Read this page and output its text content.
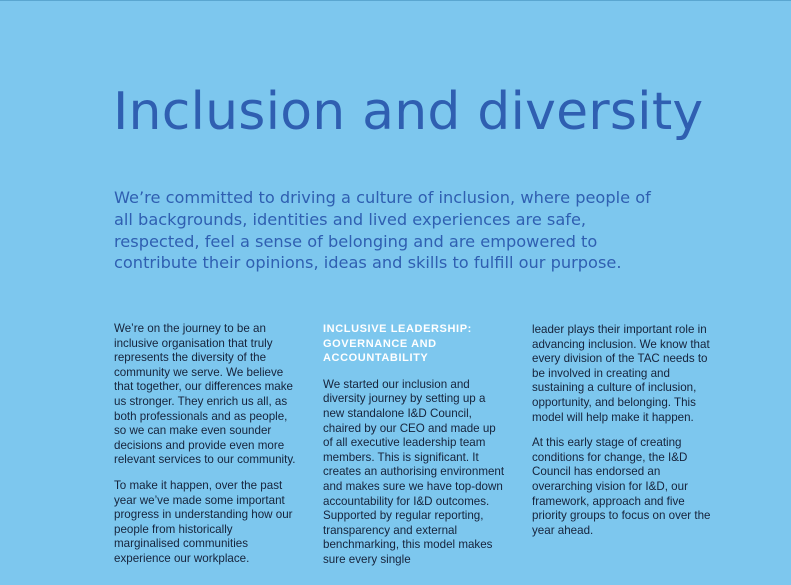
Inclusion and diversity

We’re committed to driving a culture of inclusion, where people of all backgrounds, identities and lived experiences are safe, respected, feel a sense of belonging and are empowered to contribute their opinions, ideas and skills to fulfill our purpose.

We’re on the journey to be an inclusive organisation that truly represents the diversity of the community we serve. We believe that together, our differences make us stronger. They enrich us all, as both professionals and as people, so we can make even sounder decisions and provide even more relevant services to our community.

To make it happen, over the past year we’ve made some important progress in understanding how our people from historically marginalised communities experience our workplace.

INCLUSIVE LEADERSHIP: GOVERNANCE AND ACCOUNTABILITY

We started our inclusion and diversity journey by setting up a new standalone I&D Council, chaired by our CEO and made up of all executive leadership team members. This is significant. It creates an authorising environment and makes sure we have top-down accountability for I&D outcomes. Supported by regular reporting, transparency and external benchmarking, this model makes sure every single

leader plays their important role in advancing inclusion. We know that every division of the TAC needs to be involved in creating and sustaining a culture of inclusion, opportunity, and belonging. This model will help make it happen.

At this early stage of creating conditions for change, the I&D Council has endorsed an overarching vision for I&D, our framework, approach and five priority groups to focus on over the year ahead.
